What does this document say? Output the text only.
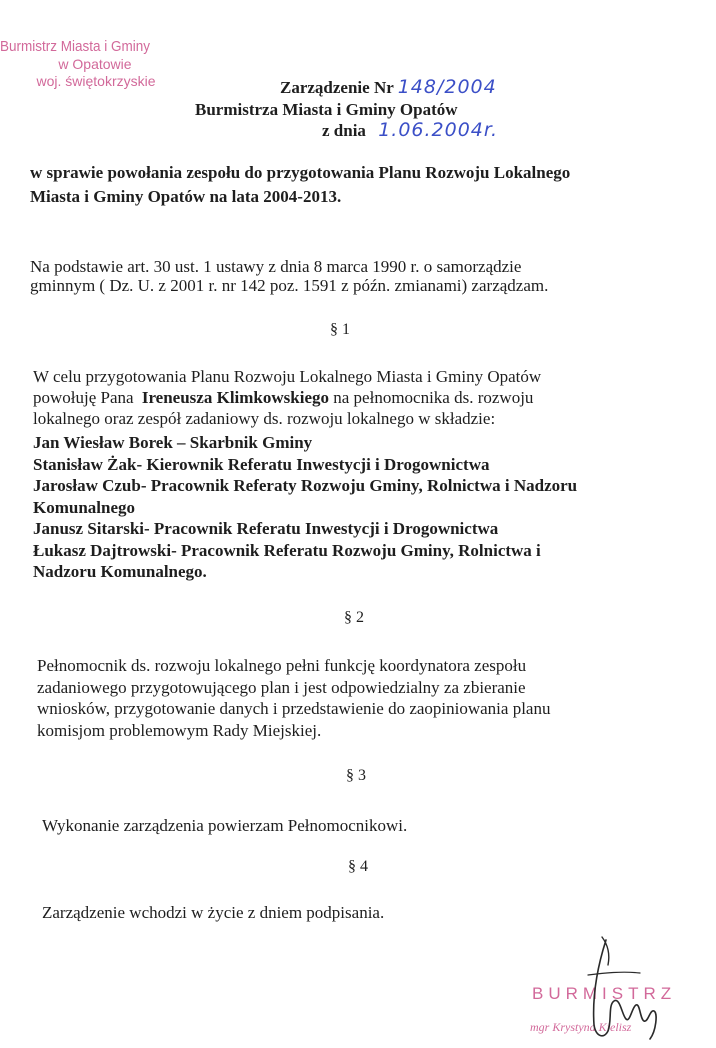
Burmistrz Miasta i Gminy
w Opatowie
woj. świętokrzyskie	Zarządzenie Nr 148/2004
Burmistrza Miasta i Gminy Opatów
z dnia 1.06.2004r.
w sprawie powołania zespołu do przygotowania Planu Rozwoju Lokalnego
Miasta i Gminy Opatów na lata 2004-2013.
Na podstawie art. 30 ust. 1 ustawy z dnia 8 marca 1990 r. o samorządzie
gminnym ( Dz. U. z 2001 r. nr 142 poz. 1591 z późn. zmianami) zarządzam.
§ 1
W celu przygotowania Planu Rozwoju Lokalnego Miasta i Gminy Opatów
powołuję Pana Ireneusza Klimkowskiego na pełnomocnika ds. rozwoju
lokalnego oraz zespół zadaniowy ds. rozwoju lokalnego w składzie:
Jan Wiesław Borek – Skarbnik Gminy
Stanisław Żak- Kierownik Referatu Inwestycji i Drogownictwa
Jarosław Czub- Pracownik Referaty Rozwoju Gminy, Rolnictwa i Nadzoru
Komunalnego
Janusz Sitarski- Pracownik Referatu Inwestycji i Drogownictwa
Łukasz Dajtrowski- Pracownik Referatu Rozwoju Gminy, Rolnictwa i
Nadzoru Komunalnego.
§ 2
Pełnomocnik ds. rozwoju lokalnego pełni funkcję koordynatora zespołu
zadaniowego przygotowującego plan i jest odpowiedzialny za zbieranie
wniosków, przygotowanie danych i przedstawienie do zaopiniowania planu
komisjom problemowym Rady Miejskiej.
§ 3
Wykonanie zarządzenia powierzam Pełnomocnikowi.
§ 4
Zarządzenie wchodzi w życie z dniem podpisania.
BURMISTRZ
mgr Krystyna Kielisz
